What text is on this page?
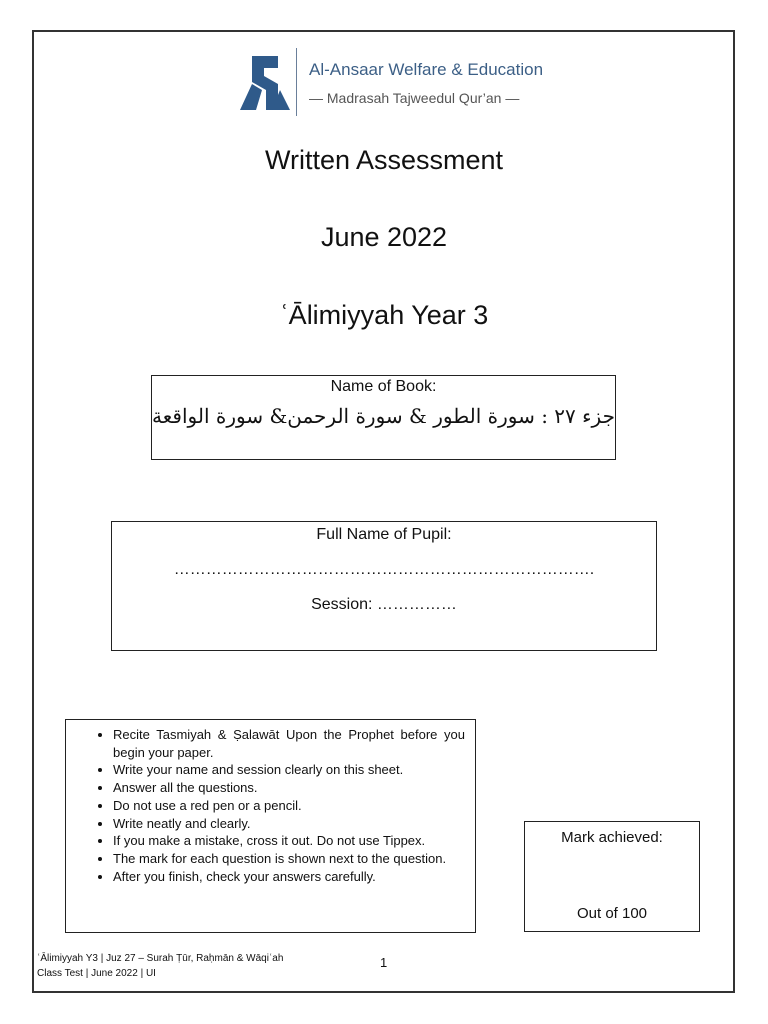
Al-Ansaar Welfare & Education
— Madrasah Tajweedul Qur’an —
Written Assessment
June 2022
ʿĀlimiyyah Year 3
Name of Book:
جزء ٢٧ : سورة الطور & سورة الرحمن& سورة الواقعة
Full Name of Pupil:
…………………………………………………………………….
Session: ……………
• Recite Tasmiyah & Ṣalawāt Upon the Prophet before you begin your paper.
• Write your name and session clearly on this sheet.
• Answer all the questions.
• Do not use a red pen or a pencil.
• Write neatly and clearly.
• If you make a mistake, cross it out. Do not use Tippex.
• The mark for each question is shown next to the question.
• After you finish, check your answers carefully.
Mark achieved:
Out of 100
ʿĀlimiyyah Y3 | Juz 27 – Surah Ṭūr, Raḥmān & Wāqiʿah
Class Test | June 2022 | UI
1
